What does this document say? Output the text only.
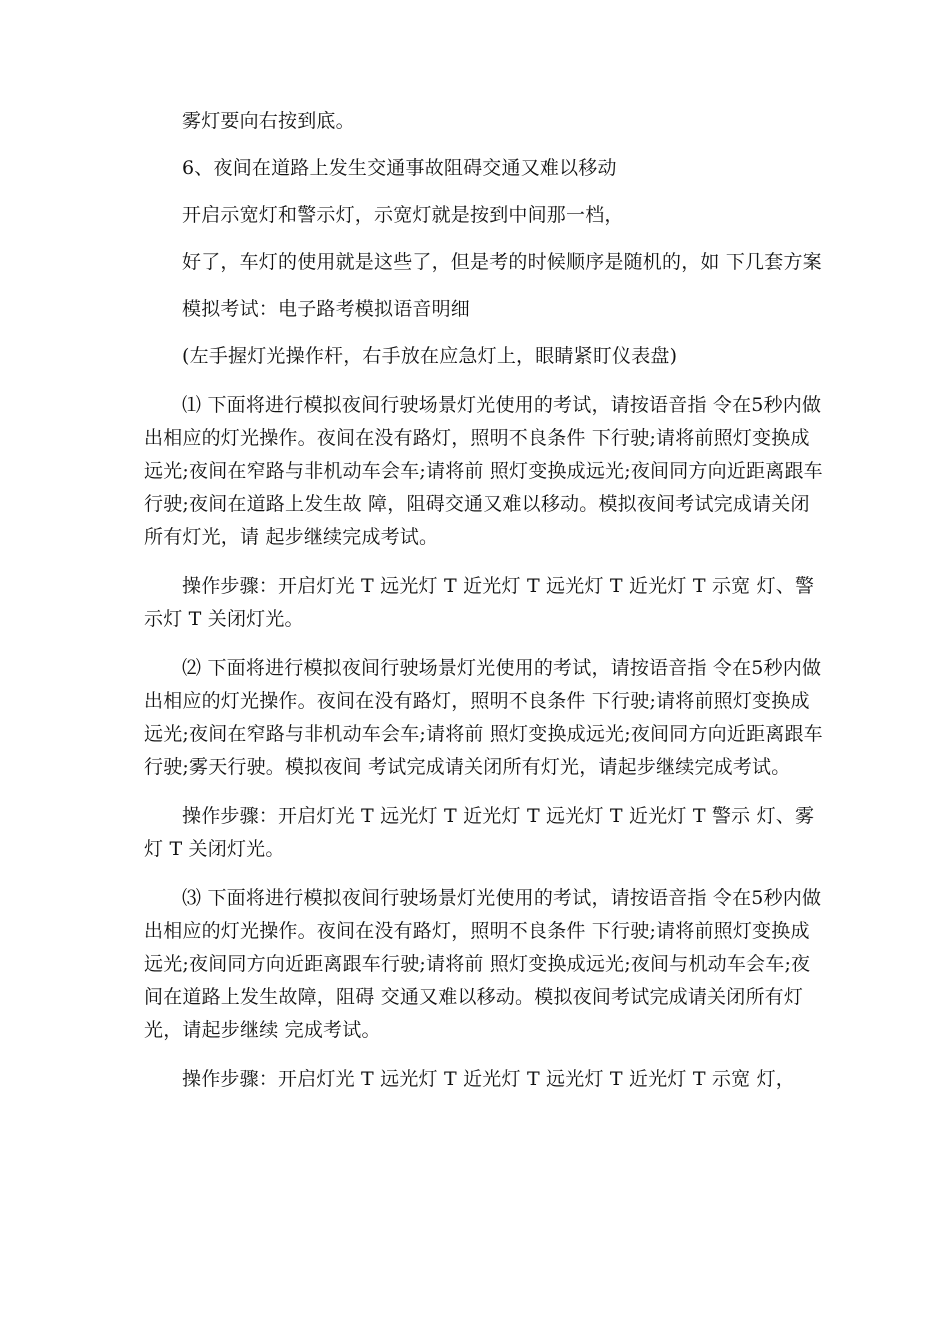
雾灯要向右按到底。

6、夜间在道路上发生交通事故阻碍交通又难以移动

开启示宽灯和警示灯，示宽灯就是按到中间那一档，

好了，车灯的使用就是这些了，但是考的时候顺序是随机的，如 下几套方案

模拟考试：电子路考模拟语音明细

(左手握灯光操作杆，右手放在应急灯上，眼睛紧盯仪表盘)

⑴ 下面将进行模拟夜间行驶场景灯光使用的考试，请按语音指 令在5秒内做出相应的灯光操作。夜间在没有路灯，照明不良条件 下行驶;请将前照灯变换成远光;夜间在窄路与非机动车会车;请将前 照灯变换成远光;夜间同方向近距离跟车行驶;夜间在道路上发生故 障，阻碍交通又难以移动。模拟夜间考试完成请关闭所有灯光，请 起步继续完成考试。

操作步骤：开启灯光 T 远光灯 T 近光灯 T 远光灯 T 近光灯 T 示宽 灯、警示灯 T 关闭灯光。

⑵ 下面将进行模拟夜间行驶场景灯光使用的考试，请按语音指 令在5秒内做出相应的灯光操作。夜间在没有路灯，照明不良条件 下行驶;请将前照灯变换成远光;夜间在窄路与非机动车会车;请将前 照灯变换成远光;夜间同方向近距离跟车行驶;雾天行驶。模拟夜间 考试完成请关闭所有灯光，请起步继续完成考试。

操作步骤：开启灯光 T 远光灯 T 近光灯 T 远光灯 T 近光灯 T 警示 灯、雾灯 T 关闭灯光。

⑶ 下面将进行模拟夜间行驶场景灯光使用的考试，请按语音指 令在5秒内做出相应的灯光操作。夜间在没有路灯，照明不良条件 下行驶;请将前照灯变换成远光;夜间同方向近距离跟车行驶;请将前 照灯变换成远光;夜间与机动车会车;夜间在道路上发生故障，阻碍 交通又难以移动。模拟夜间考试完成请关闭所有灯光，请起步继续 完成考试。

操作步骤：开启灯光 T 远光灯 T 近光灯 T 远光灯 T 近光灯 T 示宽 灯，
